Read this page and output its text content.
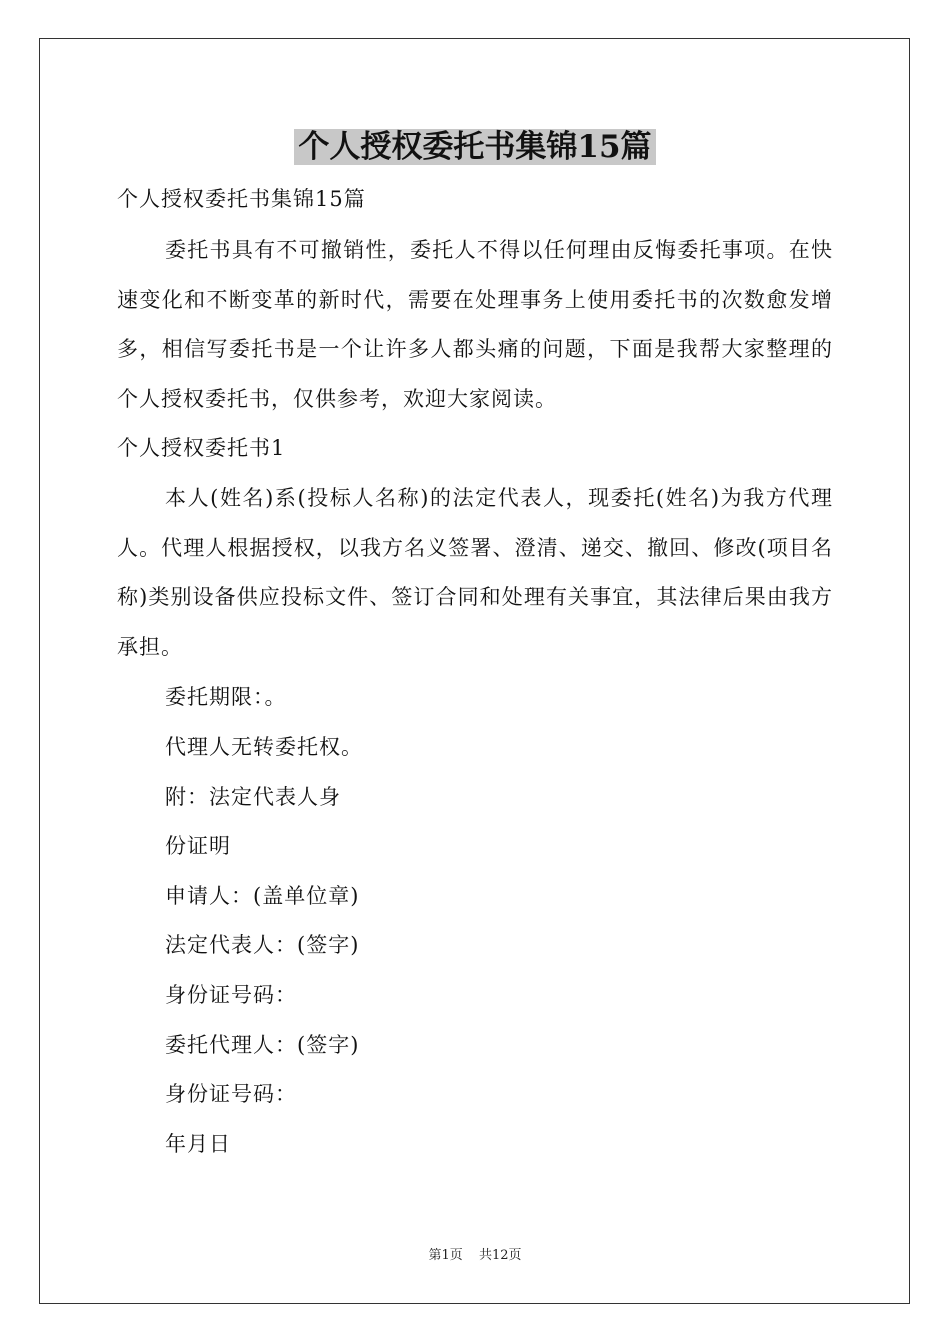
个人授权委托书集锦15篇
个人授权委托书集锦15篇
委托书具有不可撤销性，委托人不得以任何理由反悔委托事项。在快速变化和不断变革的新时代，需要在处理事务上使用委托书的次数愈发增多，相信写委托书是一个让许多人都头痛的问题，下面是我帮大家整理的个人授权委托书，仅供参考，欢迎大家阅读。
个人授权委托书1
本人(姓名)系(投标人名称)的法定代表人，现委托(姓名)为我方代理人。代理人根据授权，以我方名义签署、澄清、递交、撤回、修改(项目名称)类别设备供应投标文件、签订合同和处理有关事宜，其法律后果由我方承担。
委托期限：。
代理人无转委托权。
附：法定代表人身
份证明
申请人：(盖单位章)
法定代表人：(签字)
身份证号码：
委托代理人：(签字)
身份证号码：
年月日
第1页 共12页
